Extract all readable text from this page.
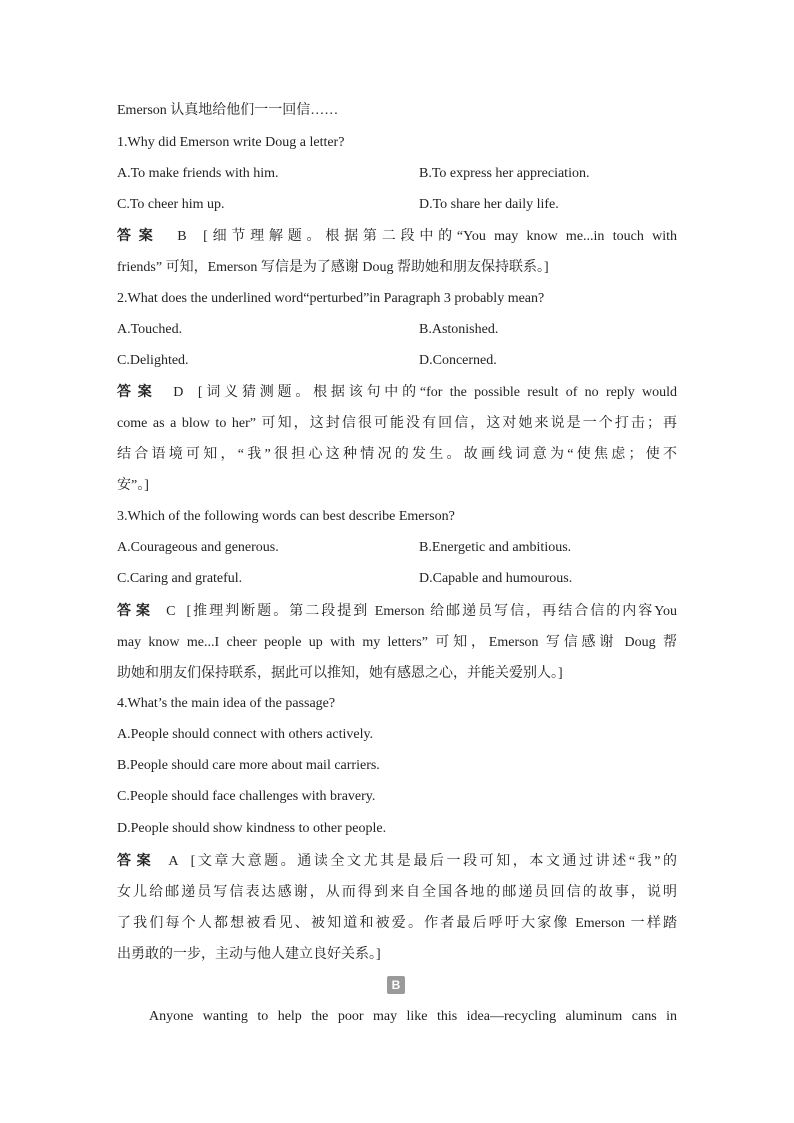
Emerson 认真地给他们一一回信……
1.Why did Emerson write Doug a letter?
A.To make friends with him.	B.To express her appreciation.
C.To cheer him up.	D.To share her daily life.
答案 B [细节理解题。根据第二段中的“You may know me...in touch with
friends” 可知，Emerson 写信是为了感谢 Doug 帮助她和朋友保持联系。]
2.What does the underlined word“perturbed”in Paragraph 3 probably mean?
A.Touched.	B.Astonished.
C.Delighted.	D.Concerned.
答案 D [词义猜测题。根据该句中的“for the possible result of no reply would
come as a blow to her” 可知，这封信很可能没有回信，这对她来说是一个打击；再
结合语境可知，“我”很担心这种情况的发生。故画线词意为“使焦虑；使不
安”。]
3.Which of the following words can best describe Emerson?
A.Courageous and generous.	B.Energetic and ambitious.
C.Caring and grateful.	D.Capable and humourous.
答案 C [推理判断题。第二段提到 Emerson 给邮递员写信，再结合信的内容You
may know me...I cheer people up with my letters” 可知，Emerson 写信感谢 Doug 帮
助她和朋友们保持联系，据此可以推知，她有感恩之心，并能关爱别人。]
4.What’s the main idea of the passage?
A.People should connect with others actively.
B.People should care more about mail carriers.
C.People should face challenges with bravery.
D.People should show kindness to other people.
答案 A [文章大意题。通读全文尤其是最后一段可知，本文通过讲述“我”的
女儿给邮递员写信表达感谢，从而得到来自全国各地的邮递员回信的故事，说明
了我们每个人都想被看见、被知道和被爱。作者最后呼吁大家像 Emerson 一样踏
出勇敢的一步，主动与他人建立良好关系。]
B
Anyone wanting to help the poor may like this idea—recycling aluminum cans in
